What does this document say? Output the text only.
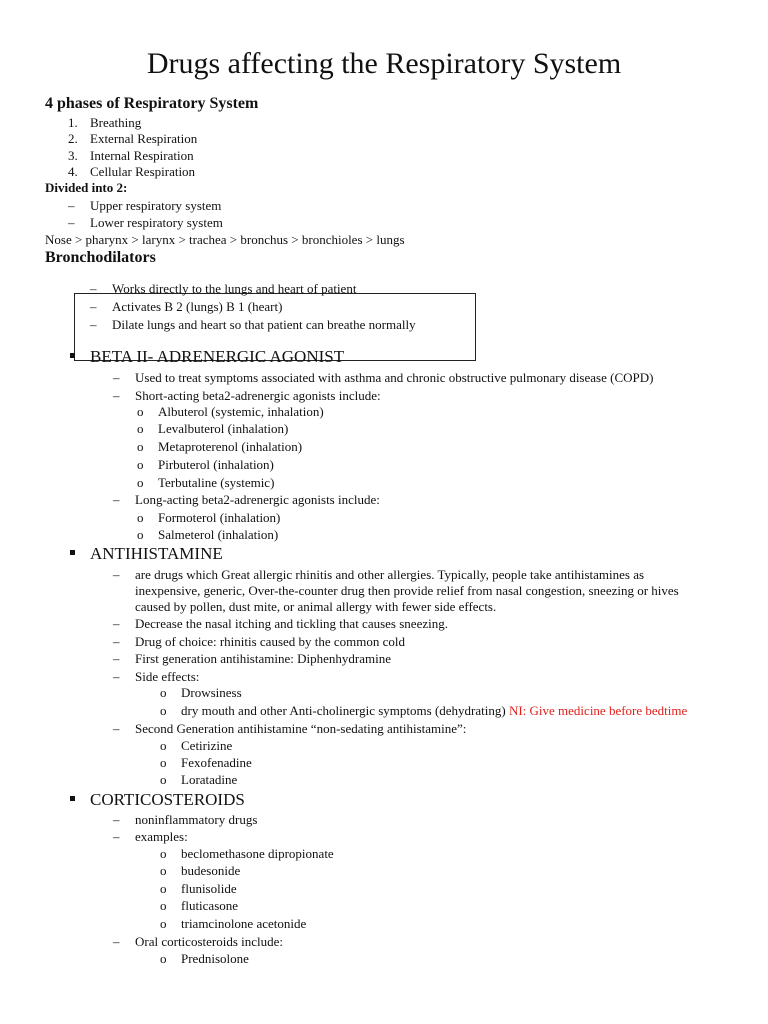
Drugs affecting the Respiratory System
4 phases of Respiratory System
1. Breathing
2. External Respiration
3. Internal Respiration
4. Cellular Respiration
Divided into 2:
– Upper respiratory system
– Lower respiratory system
Nose > pharynx > larynx > trachea > bronchus > bronchioles > lungs
Bronchodilators
– Works directly to the lungs and heart of patient
– Activates B 2 (lungs) B 1 (heart)
– Dilate lungs and heart so that patient can breathe normally
BETA II- ADRENERGIC AGONIST
– Used to treat symptoms associated with asthma and chronic obstructive pulmonary disease (COPD)
– Short-acting beta2-adrenergic agonists include:
o Albuterol (systemic, inhalation)
o Levalbuterol (inhalation)
o Metaproterenol (inhalation)
o Pirbuterol (inhalation)
o Terbutaline (systemic)
– Long-acting beta2-adrenergic agonists include:
o Formoterol (inhalation)
o Salmeterol (inhalation)
ANTIHISTAMINE
– are drugs which Great allergic rhinitis and other allergies. Typically, people take antihistamines as
inexpensive, generic, Over-the-counter drug then provide relief from nasal congestion, sneezing or hives
caused by pollen, dust mite, or animal allergy with fewer side effects.
– Decrease the nasal itching and tickling that causes sneezing.
– Drug of choice: rhinitis caused by the common cold
– First generation antihistamine: Diphenhydramine
– Side effects:
o Drowsiness
o dry mouth and other Anti-cholinergic symptoms (dehydrating) NI: Give medicine before bedtime
– Second Generation antihistamine “non-sedating antihistamine”:
o Cetirizine
o Fexofenadine
o Loratadine
CORTICOSTEROIDS
– noninflammatory drugs
– examples:
o beclomethasone dipropionate
o budesonide
o flunisolide
o fluticasone
o triamcinolone acetonide
– Oral corticosteroids include:
o Prednisolone
